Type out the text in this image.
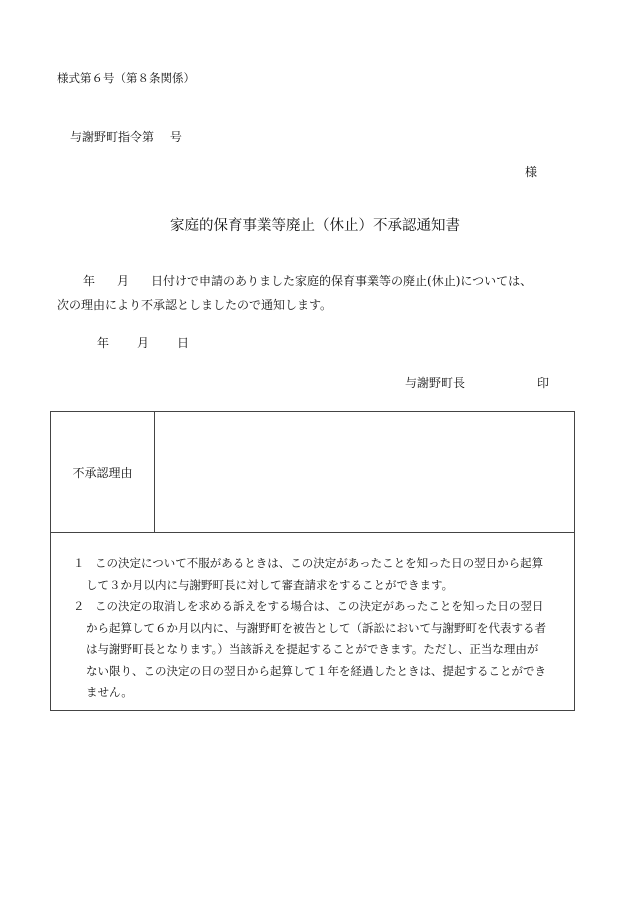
様式第６号（第８条関係）
与謝野町指令第　 号
様
家庭的保育事業等廃止（休止）不承認通知書
年 月 日付けで申請のありました家庭的保育事業等の廃止(休止)については、
次の理由により不承認としましたので通知します。
年 月 日
与謝野町長	印
不承認理由
１ この決定について不服があるときは、この決定があったことを知った日の翌日から起算
して３か月以内に与謝野町長に対して審査請求をすることができます。
２ この決定の取消しを求める訴えをする場合は、この決定があったことを知った日の翌日
から起算して６か月以内に、与謝野町を被告として（訴訟において与謝野町を代表する者
は与謝野町長となります。）当該訴えを提起することができます。ただし、正当な理由が
ない限り、この決定の日の翌日から起算して１年を経過したときは、提起することができ
ません。
